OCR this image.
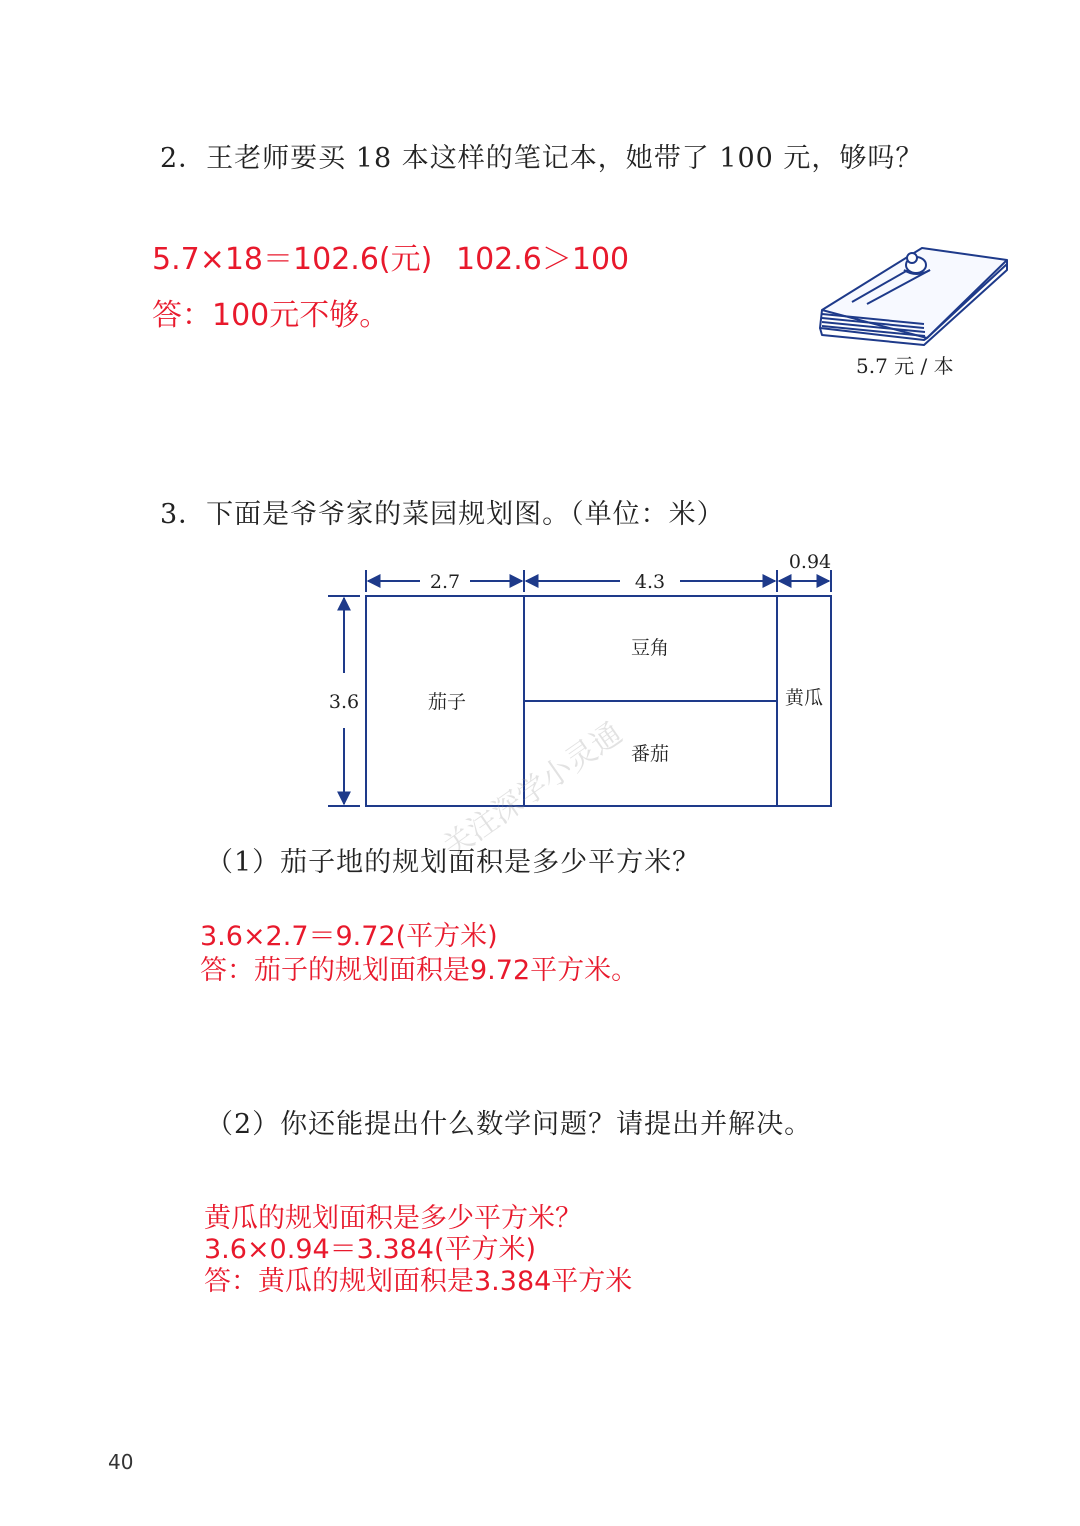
2．王老师要买 18 本这样的笔记本，她带了 100 元，够吗？
5.7×18＝102.6(元) 102.6＞100
答：100元不够。
5.7 元 / 本
3．下面是爷爷家的菜园规划图。（单位：米）
2.7	4.3
0.94
3.6	茄子
豆角
番茄
黄瓜
关注深学小灵通
（1）茄子地的规划面积是多少平方米？
3.6×2.7＝9.72(平方米)
答：茄子的规划面积是9.72平方米。
（2）你还能提出什么数学问题？请提出并解决。
黄瓜的规划面积是多少平方米？
3.6×0.94＝3.384(平方米)
答：黄瓜的规划面积是3.384平方米
40
